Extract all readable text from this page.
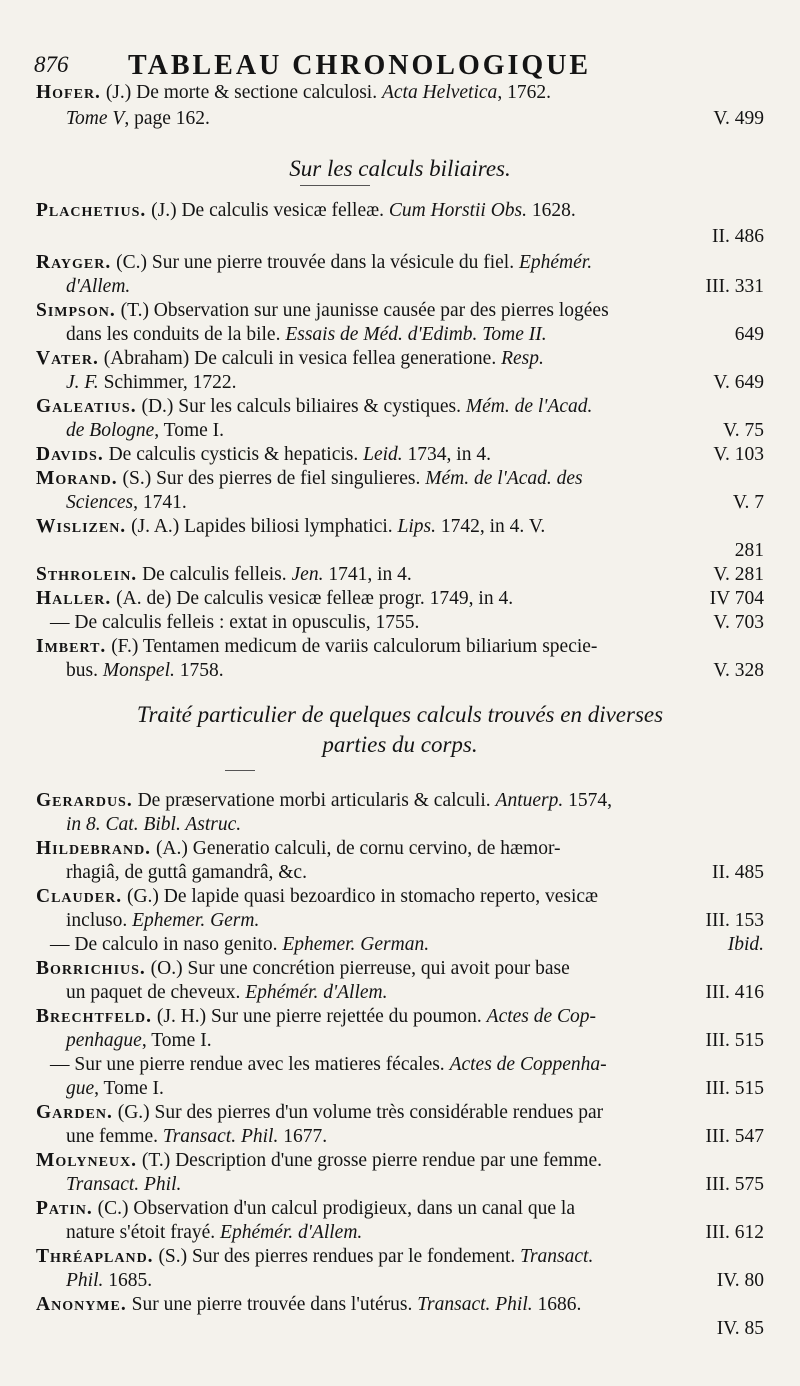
876 TABLEAU CHRONOLOGIQUE
Sur les calculs biliaires.
Traité particulier de quelques calculs trouvés en diverses
parties du corps.
Hofer. (J.) De morte & sectione calculosi. Acta Helvetica, 1762.
Tome V, page 162.	V. 499
Plachetius. (J.) De calculis vesicæ felleæ. Cum Horstii Obs. 1628.
II. 486
Rayger. (C.) Sur une pierre trouvée dans la vésicule du fiel. Ephémér.
d'Allem.	III. 331
Simpson. (T.) Observation sur une jaunisse causée par des pierres logées
dans les conduits de la bile. Essais de Méd. d'Edimb. Tome II.	649
Vater. (Abraham) De calculi in vesica fellea generatione. Resp.
J. F. Schimmer, 1722.	V. 649
Galeatius. (D.) Sur les calculs biliaires & cystiques. Mém. de l'Acad.
de Bologne, Tome I.	V. 75
Davids. De calculis cysticis & hepaticis. Leid. 1734, in 4.	V. 103
Morand. (S.) Sur des pierres de fiel singulieres. Mém. de l'Acad. des
Sciences, 1741.	V. 7
Wislizen. (J. A.) Lapides biliosi lymphatici. Lips. 1742, in 4. V.
281
Sthrolein. De calculis felleis. Jen. 1741, in 4.	V. 281
Haller. (A. de) De calculis vesicæ felleæ progr. 1749, in 4.	IV 704
— De calculis felleis : extat in opusculis, 1755.	V. 703
Imbert. (F.) Tentamen medicum de variis calculorum biliarium specie-
bus. Monspel. 1758.	V. 328
Gerardus. De præservatione morbi articularis & calculi. Antuerp. 1574,
in 8. Cat. Bibl. Astruc.
Hildebrand. (A.) Generatio calculi, de cornu cervino, de hæmor-
rhagiâ, de guttâ gamandrâ, &c.	II. 485
Clauder. (G.) De lapide quasi bezoardico in stomacho reperto, vesicæ
incluso. Ephemer. Germ.	III. 153
— De calculo in naso genito. Ephemer. German.	Ibid.
Borrichius. (O.) Sur une concrétion pierreuse, qui avoit pour base
un paquet de cheveux. Ephémér. d'Allem.	III. 416
Brechtfeld. (J. H.) Sur une pierre rejettée du poumon. Actes de Cop-
penhague, Tome I.	III. 515
— Sur une pierre rendue avec les matieres fécales. Actes de Coppenha-
gue, Tome I.	III. 515
Garden. (G.) Sur des pierres d'un volume très considérable rendues par
une femme. Transact. Phil. 1677.	III. 547
Molyneux. (T.) Description d'une grosse pierre rendue par une femme.
Transact. Phil.	III. 575
Patin. (C.) Observation d'un calcul prodigieux, dans un canal que la
nature s'étoit frayé. Ephémér. d'Allem.	III. 612
Thréapland. (S.) Sur des pierres rendues par le fondement. Transact.
Phil. 1685.	IV. 80
Anonyme. Sur une pierre trouvée dans l'utérus. Transact. Phil. 1686.
IV. 85
